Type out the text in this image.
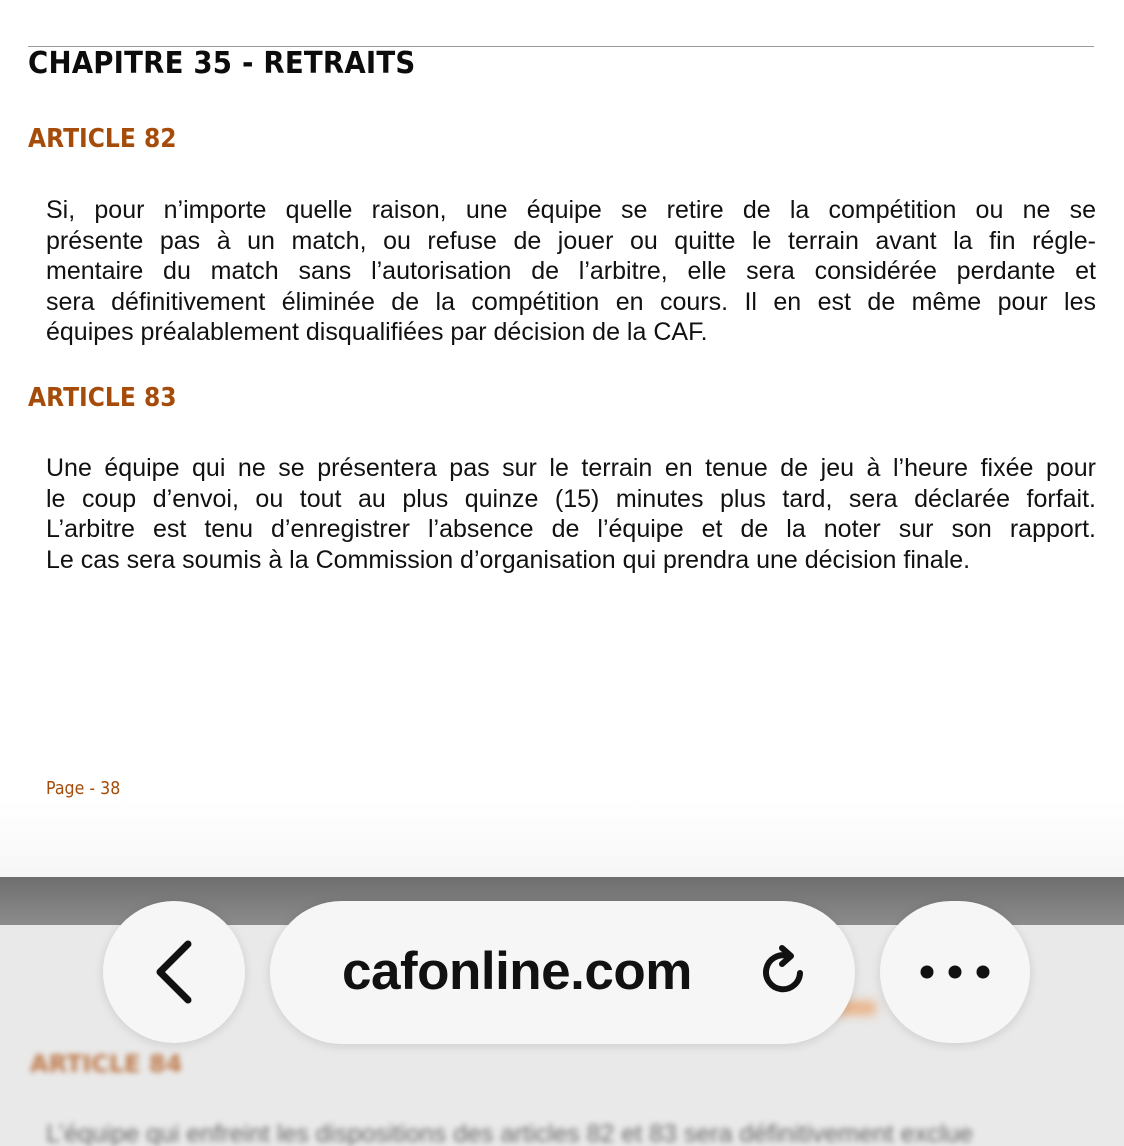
CHAPITRE 35 - RETRAITS
ARTICLE 82
Si, pour n’importe quelle raison, une équipe se retire de la compétition ou ne se
présente pas à un match, ou refuse de jouer ou quitte le terrain avant la fin régle-
mentaire du match sans l’autorisation de l’arbitre, elle sera considérée perdante et
sera définitivement éliminée de la compétition en cours. Il en est de même pour les
équipes préalablement disqualifiées par décision de la CAF.
ARTICLE 83
Une équipe qui ne se présentera pas sur le terrain en tenue de jeu à l’heure fixée pour
le coup d’envoi, ou tout au plus quinze (15) minutes plus tard, sera déclarée forfait.
L’arbitre est tenu d’enregistrer l’absence de l’équipe et de la noter sur son rapport.
Le cas sera soumis à la Commission d’organisation qui prendra une décision finale.
Page - 38
ARTICLE 84
L’équipe qui enfreint les dispositions des articles 82 et 83 sera définitivement exclue
cafonline.com
